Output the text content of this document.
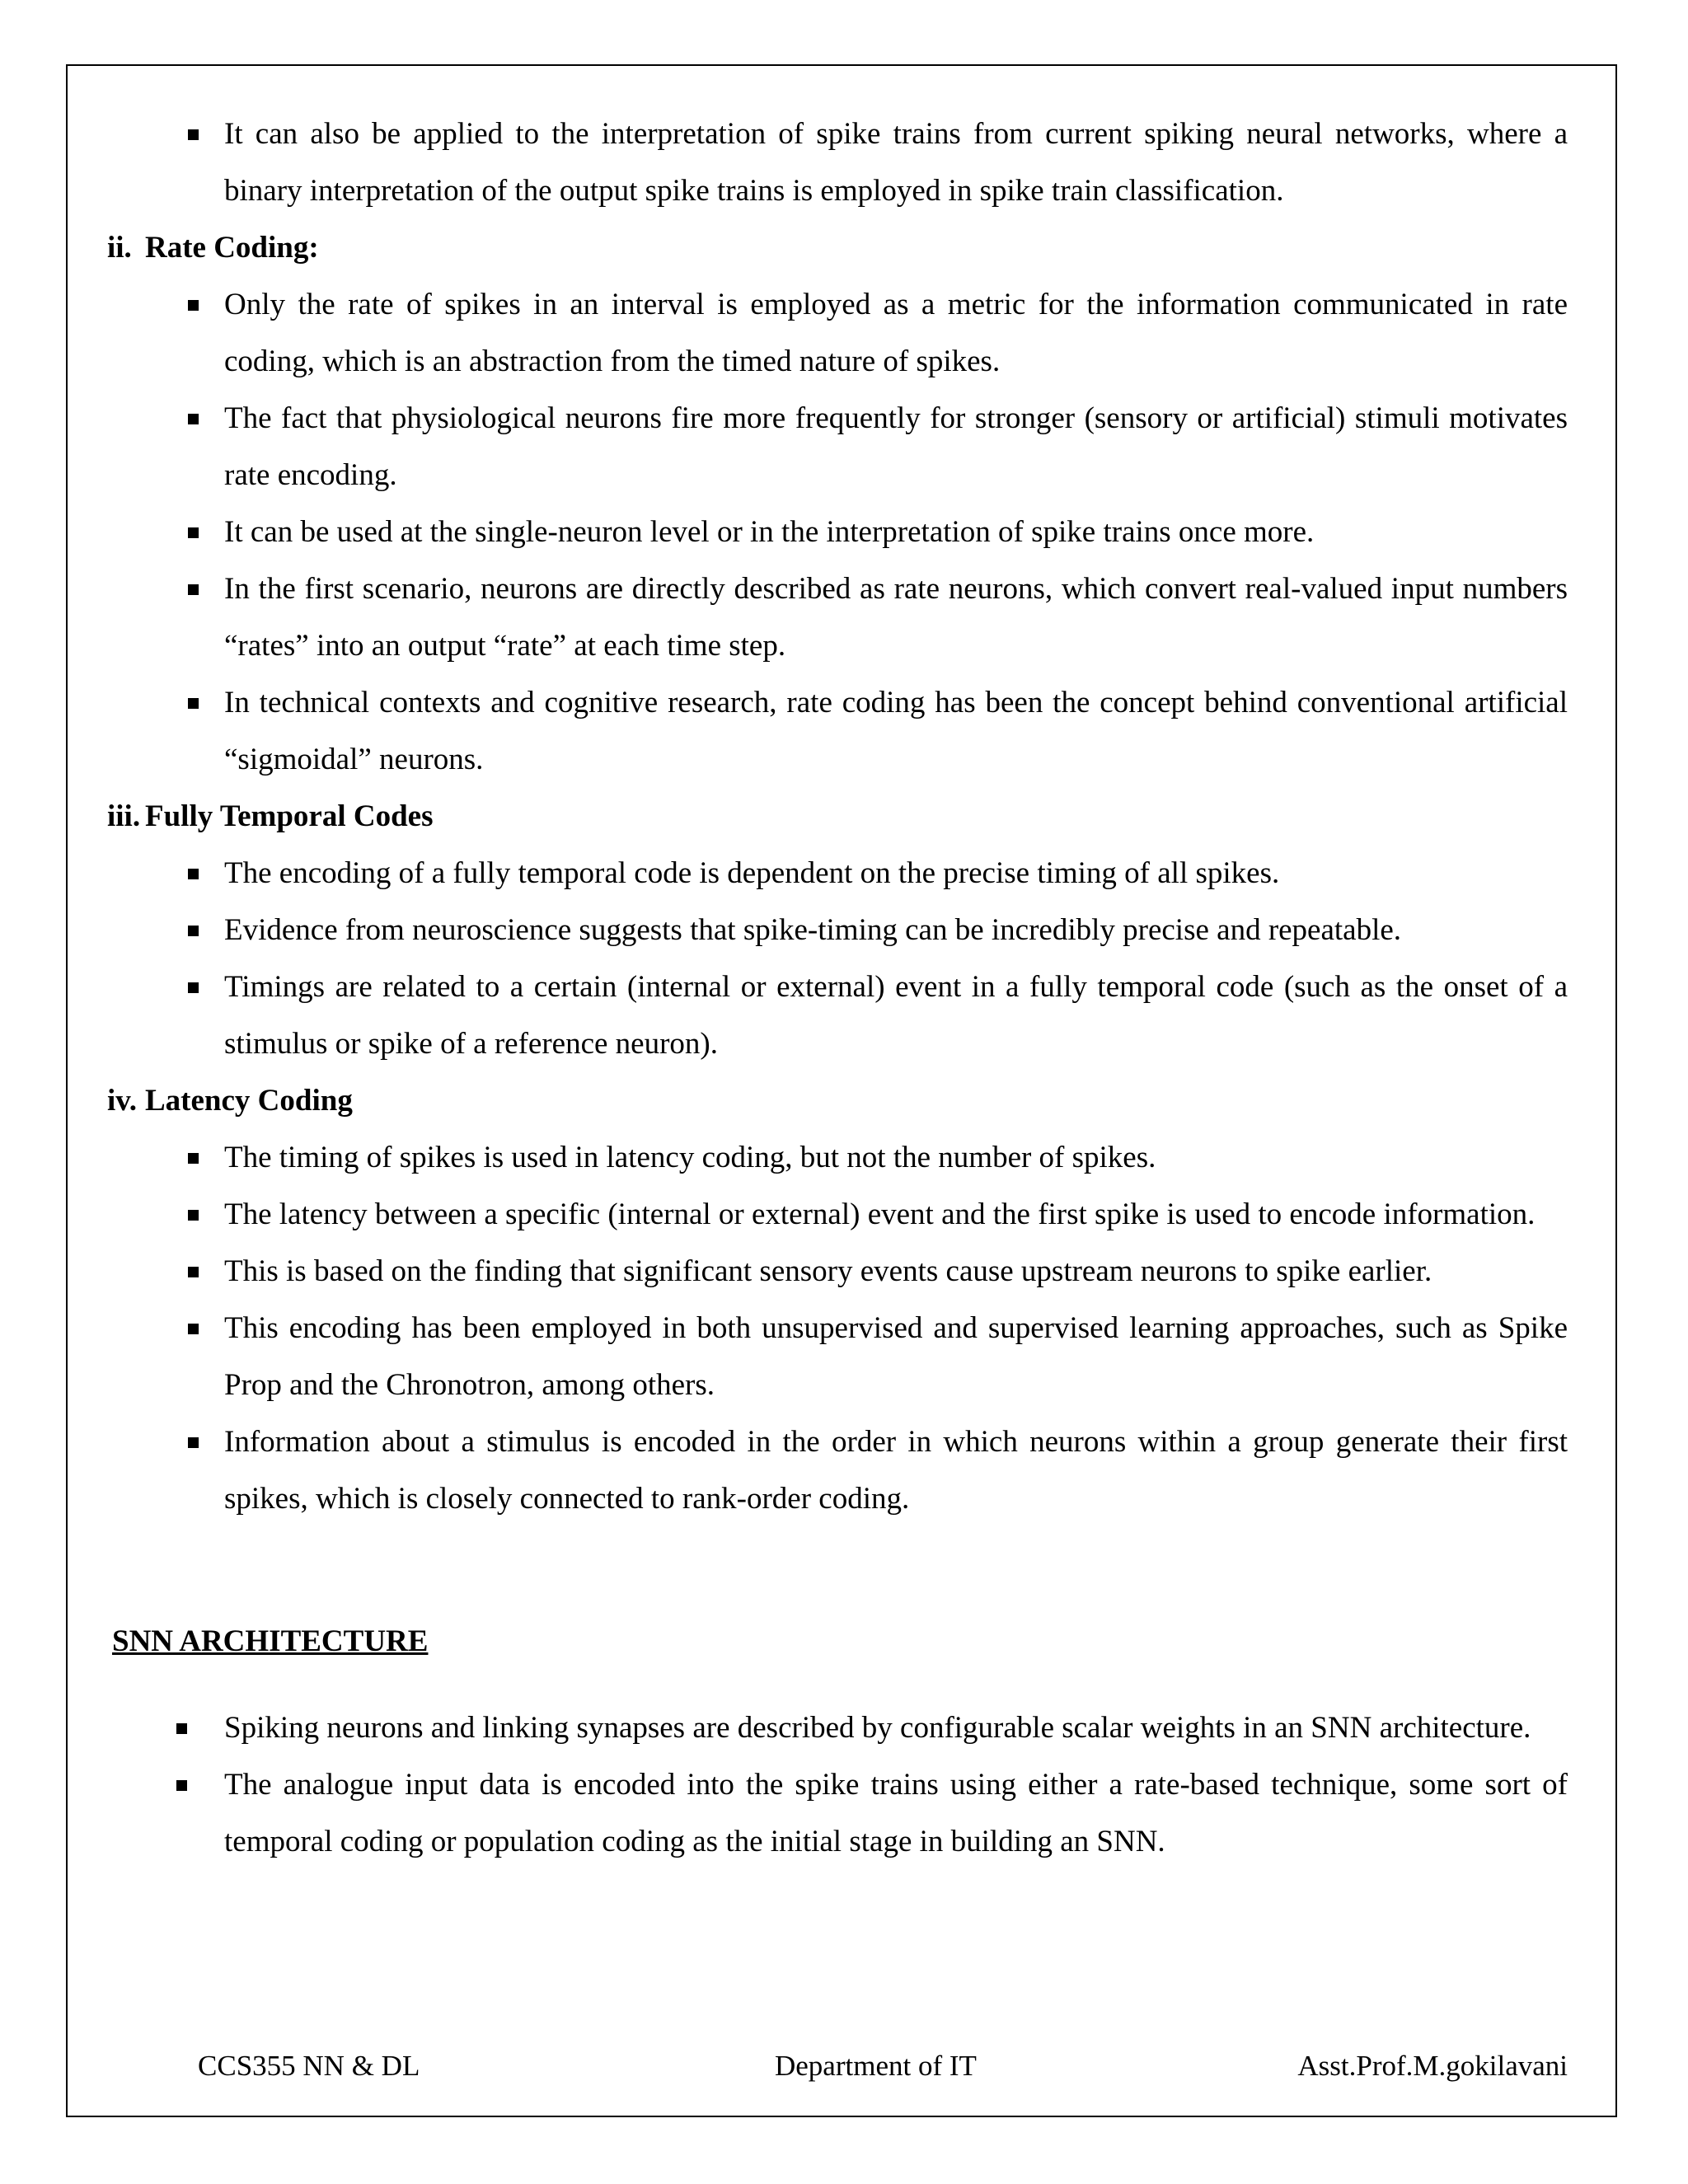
It can also be applied to the interpretation of spike trains from current spiking neural networks, where a binary interpretation of the output spike trains is employed in spike train classification.
ii. Rate Coding:
Only the rate of spikes in an interval is employed as a metric for the information communicated in rate coding, which is an abstraction from the timed nature of spikes.
The fact that physiological neurons fire more frequently for stronger (sensory or artificial) stimuli motivates rate encoding.
It can be used at the single-neuron level or in the interpretation of spike trains once more.
In the first scenario, neurons are directly described as rate neurons, which convert real-valued input numbers “rates” into an output “rate” at each time step.
In technical contexts and cognitive research, rate coding has been the concept behind conventional artificial “sigmoidal” neurons.
iii. Fully Temporal Codes
The encoding of a fully temporal code is dependent on the precise timing of all spikes.
Evidence from neuroscience suggests that spike-timing can be incredibly precise and repeatable.
Timings are related to a certain (internal or external) event in a fully temporal code (such as the onset of a stimulus or spike of a reference neuron).
iv. Latency Coding
The timing of spikes is used in latency coding, but not the number of spikes.
The latency between a specific (internal or external) event and the first spike is used to encode information.
This is based on the finding that significant sensory events cause upstream neurons to spike earlier.
This encoding has been employed in both unsupervised and supervised learning approaches, such as Spike Prop and the Chronotron, among others.
Information about a stimulus is encoded in the order in which neurons within a group generate their first spikes, which is closely connected to rank-order coding.
SNN ARCHITECTURE
Spiking neurons and linking synapses are described by configurable scalar weights in an SNN architecture.
The analogue input data is encoded into the spike trains using either a rate-based technique, some sort of temporal coding or population coding as the initial stage in building an SNN.
CCS355 NN & DL	Department of IT	Asst.Prof.M.gokilavani
